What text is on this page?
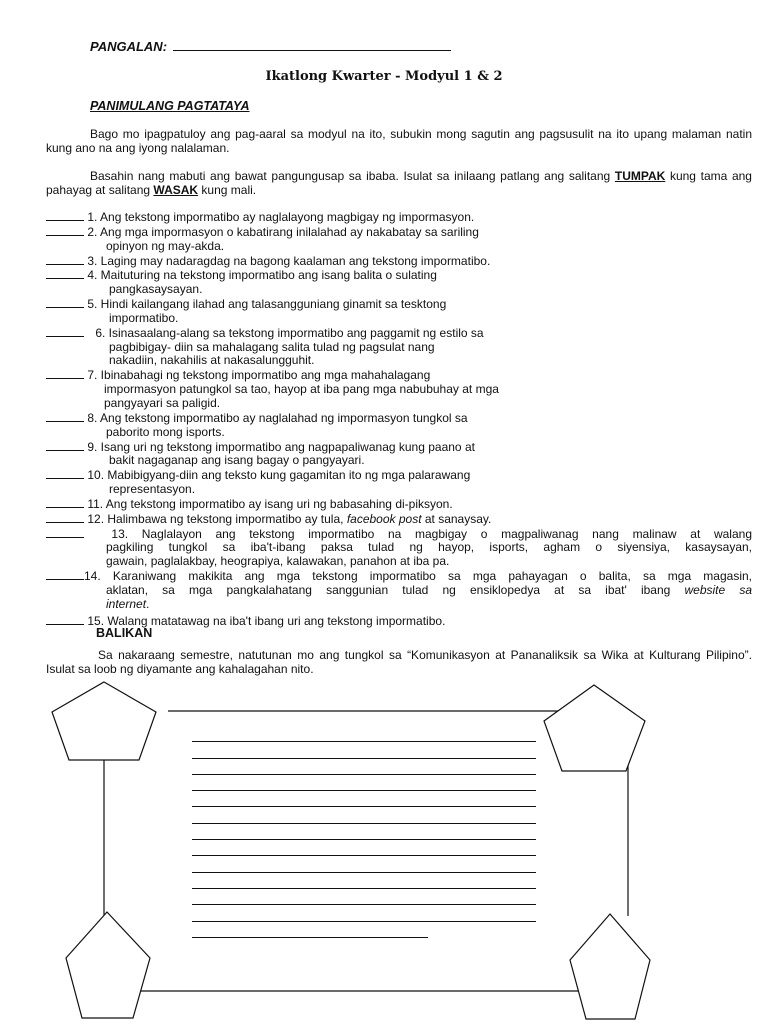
PANGALAN:
Ikatlong Kwarter - Modyul 1 & 2
PANIMULANG PAGTATAYA
Bago mo ipagpatuloy ang pag-aaral sa modyul na ito, subukin mong sagutin ang pagsusulit na ito upang malaman natin kung ano na ang iyong nalalaman.
Basahin nang mabuti ang bawat pangungusap sa ibaba. Isulat sa inilaang patlang ang salitang TUMPAK kung tama ang pahayag at salitang WASAK kung mali.
1. Ang tekstong impormatibo ay naglalayong magbigay ng impormasyon.
2. Ang mga impormasyon o kabatirang inilalahad ay nakabatay sa sariling
opinyon ng may-akda.
3. Laging may nadaragdag na bagong kaalaman ang tekstong impormatibo.
4. Maituturing na tekstong impormatibo ang isang balita o sulating
pangkasaysayan.
5. Hindi kailangang ilahad ang talasangguniang ginamit sa tesktong
impormatibo.
6. Isinasaalang-alang sa tekstong impormatibo ang paggamit ng estilo sa
pagbibigay- diin sa mahalagang salita tulad ng pagsulat nang
nakadiin, nakahilis at nakasalungguhit.
7. Ibinabahagi ng tekstong impormatibo ang mga mahahalagang
impormasyon patungkol sa tao, hayop at iba pang mga nabubuhay at mga
pangyayari sa paligid.
8. Ang tekstong impormatibo ay naglalahad ng impormasyon tungkol sa
paborito mong isports.
9. Isang uri ng tekstong impormatibo ang nagpapaliwanag kung paano at
bakit nagaganap ang isang bagay o pangyayari.
10. Mabibigyang-diin ang teksto kung gagamitan ito ng mga palarawang
representasyon.
11. Ang tekstong impormatibo ay isang uri ng babasahing di-piksyon.
12. Halimbawa ng tekstong impormatibo ay tula, facebook post at sanaysay.
13. Naglalayon ang tekstong impormatibo na magbigay o magpaliwanag nang malinaw at walang
pagkiling tungkol sa iba't-ibang paksa tulad ng hayop, isports, agham o siyensiya, kasaysayan,
gawain, paglalakbay, heograpiya, kalawakan, panahon at iba pa.
14. Karaniwang makikita ang mga tekstong impormatibo sa mga pahayagan o balita, sa mga magasin,
aklatan, sa mga pangkalahatang sanggunian tulad ng ensiklopedya at sa ibat' ibang website sa
internet.
15. Walang matatawag na iba't ibang uri ang tekstong impormatibo.
BALIKAN
Sa nakaraang semestre, natutunan mo ang tungkol sa “Komunikasyon at Pananaliksik sa Wika at Kulturang Pilipino”. Isulat sa loob ng diyamante ang kahalagahan nito.
